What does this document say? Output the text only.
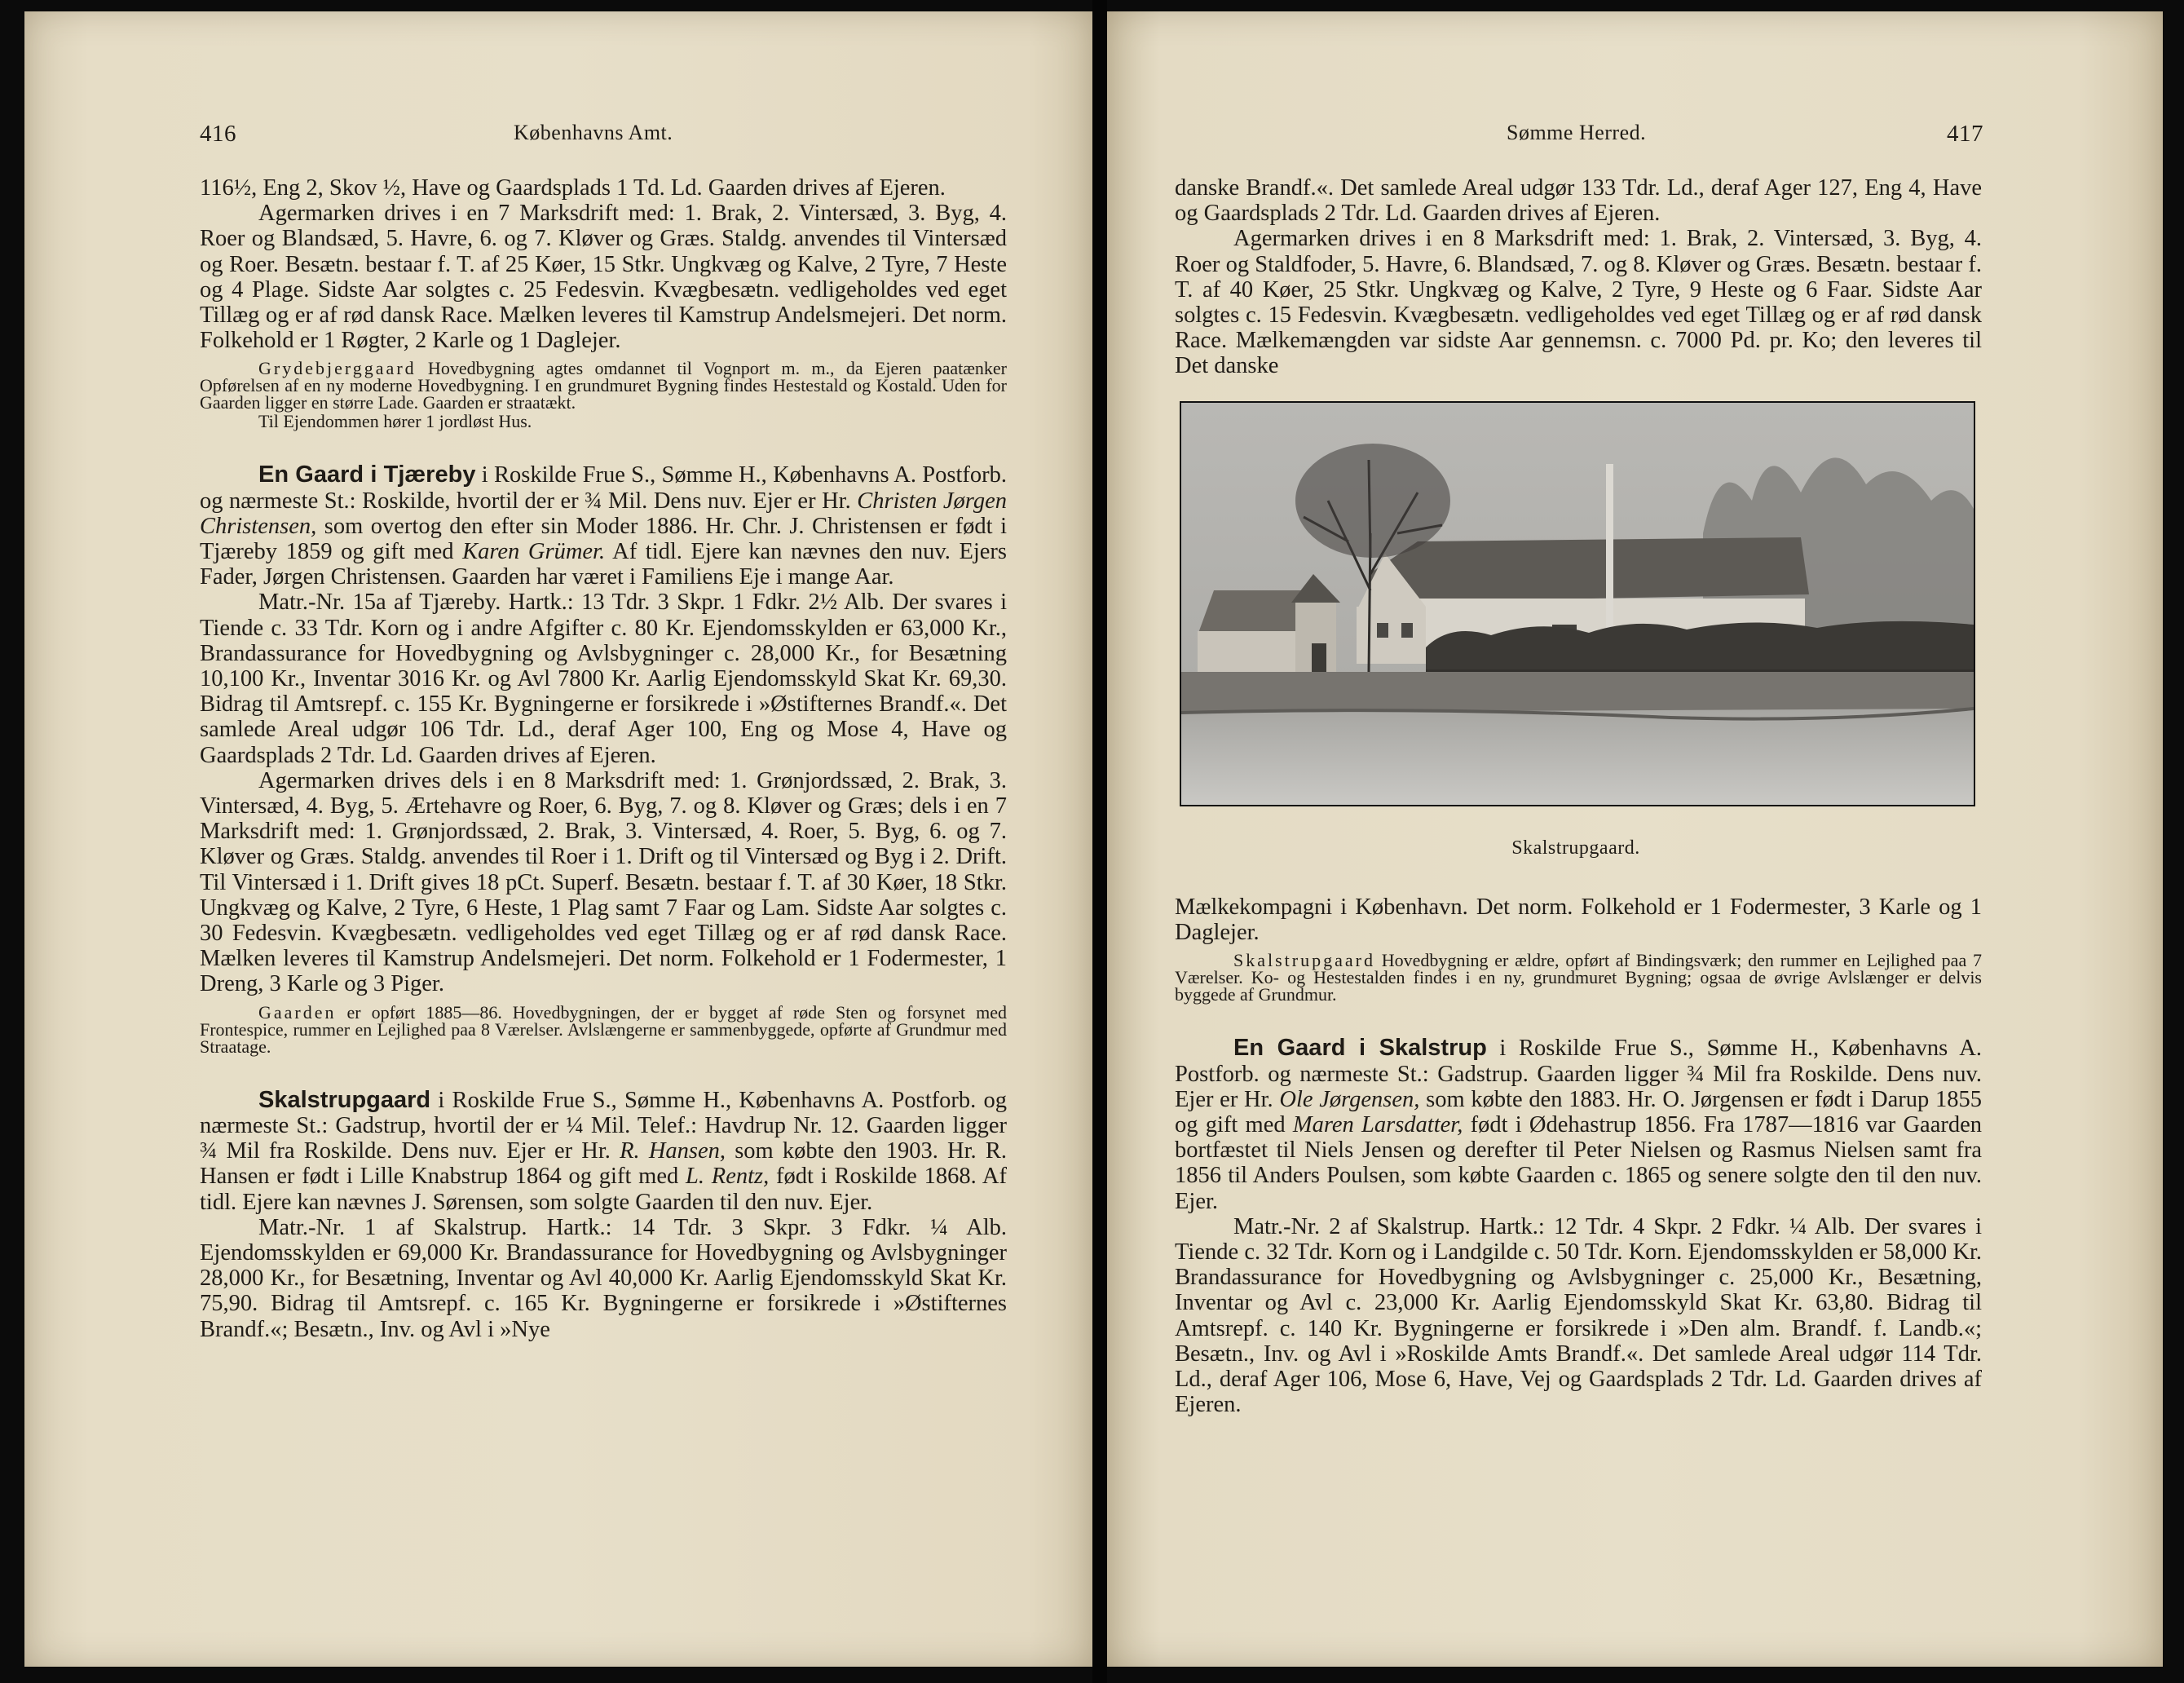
416	Københavns Amt.

116½, Eng 2, Skov ½, Have og Gaardsplads 1 Td. Ld. Gaarden drives af Ejeren.

Agermarken drives i en 7 Marksdrift med: 1. Brak, 2. Vintersæd, 3. Byg, 4. Roer og Blandsæd, 5. Havre, 6. og 7. Kløver og Græs. Staldg. anvendes til Vintersæd og Roer. Besætn. bestaar f. T. af 25 Køer, 15 Stkr. Ungkvæg og Kalve, 2 Tyre, 7 Heste og 4 Plage. Sidste Aar solgtes c. 25 Fedesvin. Kvægbesætn. vedligeholdes ved eget Tillæg og er af rød dansk Race. Mælken leveres til Kamstrup Andelsmejeri. Det norm. Folkehold er 1 Røgter, 2 Karle og 1 Daglejer.

Grydebjerggaard Hovedbygning agtes omdannet til Vognport m. m., da Ejeren paatænker Opførelsen af en ny moderne Hovedbygning. I en grundmuret Bygning findes Hestestald og Kostald. Uden for Gaarden ligger en større Lade. Gaarden er straatækt.

Til Ejendommen hører 1 jordløst Hus.

En Gaard i Tjæreby i Roskilde Frue S., Sømme H., Københavns A. Postforb. og nærmeste St.: Roskilde, hvortil der er ¾ Mil. Dens nuv. Ejer er Hr. Christen Jørgen Christensen, som overtog den efter sin Moder 1886. Hr. Chr. J. Christensen er født i Tjæreby 1859 og gift med Karen Grümer. Af tidl. Ejere kan nævnes den nuv. Ejers Fader, Jørgen Christensen. Gaarden har været i Familiens Eje i mange Aar.

Matr.-Nr. 15a af Tjæreby. Hartk.: 13 Tdr. 3 Skpr. 1 Fdkr. 2½ Alb. Der svares i Tiende c. 33 Tdr. Korn og i andre Afgifter c. 80 Kr. Ejendomsskylden er 63,000 Kr., Brandassurance for Hovedbygning og Avlsbygninger c. 28,000 Kr., for Besætning 10,100 Kr., Inventar 3016 Kr. og Avl 7800 Kr. Aarlig Ejendomsskyld Skat Kr. 69,30. Bidrag til Amtsrepf. c. 155 Kr. Bygningerne er forsikrede i »Østifternes Brandf.«. Det samlede Areal udgør 106 Tdr. Ld., deraf Ager 100, Eng og Mose 4, Have og Gaardsplads 2 Tdr. Ld. Gaarden drives af Ejeren.

Agermarken drives dels i en 8 Marksdrift med: 1. Grønjordssæd, 2. Brak, 3. Vintersæd, 4. Byg, 5. Ærtehavre og Roer, 6. Byg, 7. og 8. Kløver og Græs; dels i en 7 Marksdrift med: 1. Grønjordssæd, 2. Brak, 3. Vintersæd, 4. Roer, 5. Byg, 6. og 7. Kløver og Græs. Staldg. anvendes til Roer i 1. Drift og til Vintersæd og Byg i 2. Drift. Til Vintersæd i 1. Drift gives 18 pCt. Superf. Besætn. bestaar f. T. af 30 Køer, 18 Stkr. Ungkvæg og Kalve, 2 Tyre, 6 Heste, 1 Plag samt 7 Faar og Lam. Sidste Aar solgtes c. 30 Fedesvin. Kvægbesætn. vedligeholdes ved eget Tillæg og er af rød dansk Race. Mælken leveres til Kamstrup Andelsmejeri. Det norm. Folkehold er 1 Fodermester, 1 Dreng, 3 Karle og 3 Piger.

Gaarden er opført 1885—86. Hovedbygningen, der er bygget af røde Sten og forsynet med Frontespice, rummer en Lejlighed paa 8 Værelser. Avlslængerne er sammenbyggede, opførte af Grundmur med Straatage.

Skalstrupgaard i Roskilde Frue S., Sømme H., Københavns A. Postforb. og nærmeste St.: Gadstrup, hvortil der er ¼ Mil. Telef.: Havdrup Nr. 12. Gaarden ligger ¾ Mil fra Roskilde. Dens nuv. Ejer er Hr. R. Hansen, som købte den 1903. Hr. R. Hansen er født i Lille Knabstrup 1864 og gift med L. Rentz, født i Roskilde 1868. Af tidl. Ejere kan nævnes J. Sørensen, som solgte Gaarden til den nuv. Ejer.

Matr.-Nr. 1 af Skalstrup. Hartk.: 14 Tdr. 3 Skpr. 3 Fdkr. ¼ Alb. Ejendomsskylden er 69,000 Kr. Brandassurance for Hovedbygning og Avlsbygninger 28,000 Kr., for Besætning, Inventar og Avl 40,000 Kr. Aarlig Ejendomsskyld Skat Kr. 75,90. Bidrag til Amtsrepf. c. 165 Kr. Bygningerne er forsikrede i »Østifternes Brandf.«; Besætn., Inv. og Avl i »Nye

Sømme Herred.	417

danske Brandf.«. Det samlede Areal udgør 133 Tdr. Ld., deraf Ager 127, Eng 4, Have og Gaardsplads 2 Tdr. Ld. Gaarden drives af Ejeren.

Agermarken drives i en 8 Marksdrift med: 1. Brak, 2. Vintersæd, 3. Byg, 4. Roer og Staldfoder, 5. Havre, 6. Blandsæd, 7. og 8. Kløver og Græs. Besætn. bestaar f. T. af 40 Køer, 25 Stkr. Ungkvæg og Kalve, 2 Tyre, 9 Heste og 6 Faar. Sidste Aar solgtes c. 15 Fedesvin. Kvægbesætn. vedligeholdes ved eget Tillæg og er af rød dansk Race. Mælkemængden var sidste Aar gennemsn. c. 7000 Pd. pr. Ko; den leveres til Det danske

Skalstrupgaard.

Mælkekompagni i København. Det norm. Folkehold er 1 Fodermester, 3 Karle og 1 Daglejer.

Skalstrupgaard Hovedbygning er ældre, opført af Bindingsværk; den rummer en Lejlighed paa 7 Værelser. Ko- og Hestestalden findes i en ny, grundmuret Bygning; ogsaa de øvrige Avlslænger er delvis byggede af Grundmur.

En Gaard i Skalstrup i Roskilde Frue S., Sømme H., Københavns A. Postforb. og nærmeste St.: Gadstrup. Gaarden ligger ¾ Mil fra Roskilde. Dens nuv. Ejer er Hr. Ole Jørgensen, som købte den 1883. Hr. O. Jørgensen er født i Darup 1855 og gift med Maren Larsdatter, født i Ødehastrup 1856. Fra 1787—1816 var Gaarden bortfæstet til Niels Jensen og derefter til Peter Nielsen og Rasmus Nielsen samt fra 1856 til Anders Poulsen, som købte Gaarden c. 1865 og senere solgte den til den nuv. Ejer.

Matr.-Nr. 2 af Skalstrup. Hartk.: 12 Tdr. 4 Skpr. 2 Fdkr. ¼ Alb. Der svares i Tiende c. 32 Tdr. Korn og i Landgilde c. 50 Tdr. Korn. Ejendomsskylden er 58,000 Kr. Brandassurance for Hovedbygning og Avlsbygninger c. 25,000 Kr., Besætning, Inventar og Avl c. 23,000 Kr. Aarlig Ejendomsskyld Skat Kr. 63,80. Bidrag til Amtsrepf. c. 140 Kr. Bygningerne er forsikrede i »Den alm. Brandf. f. Landb.«; Besætn., Inv. og Avl i »Roskilde Amts Brandf.«. Det samlede Areal udgør 114 Tdr. Ld., deraf Ager 106, Mose 6, Have, Vej og Gaardsplads 2 Tdr. Ld. Gaarden drives af Ejeren.
